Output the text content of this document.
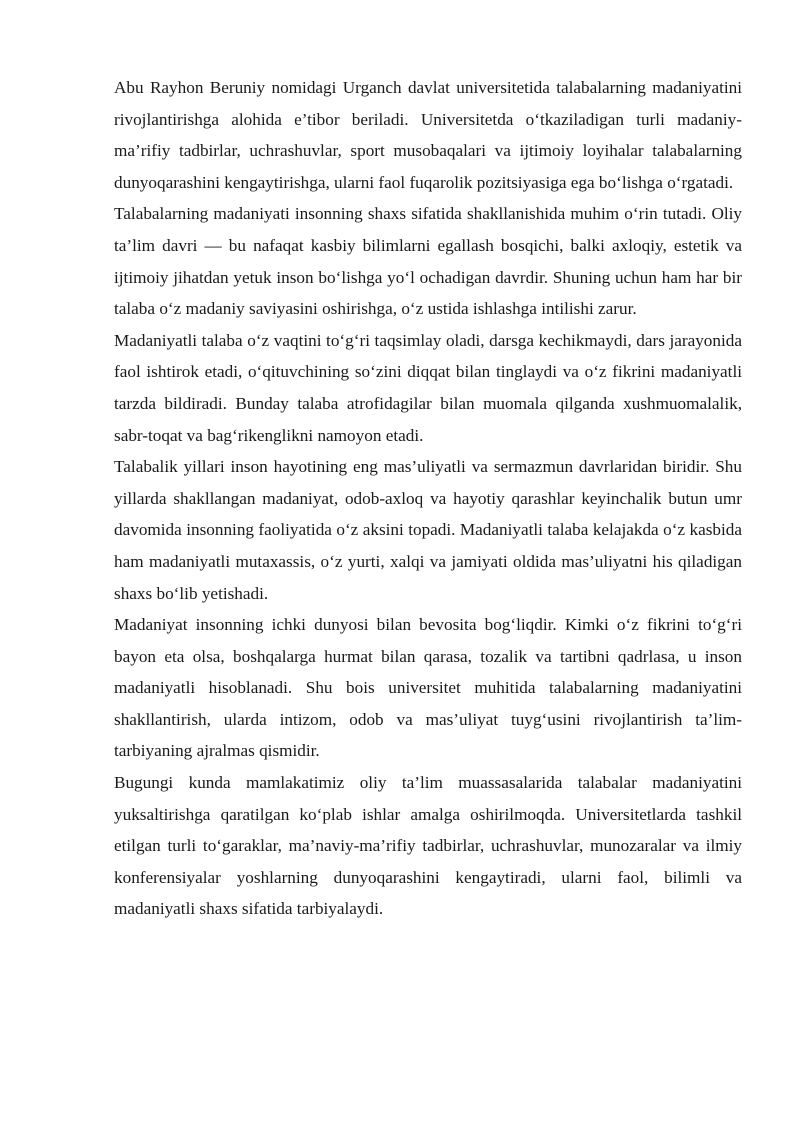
Abu Rayhon Beruniy nomidagi Urganch davlat universitetida talabalarning madaniyatini rivojlantirishga alohida e’tibor beriladi. Universitetda o‘tkaziladigan turli madaniy-ma’rifiy tadbirlar, uchrashuvlar, sport musobaqalari va ijtimoiy loyihalar talabalarning dunyoqarashini kengaytirishga, ularni faol fuqarolik pozitsiyasiga ega bo‘lishga o‘rgatadi.

Talabalarning madaniyati insonning shaxs sifatida shakllanishida muhim o‘rin tutadi. Oliy ta’lim davri — bu nafaqat kasbiy bilimlarni egallash bosqichi, balki axloqiy, estetik va ijtimoiy jihatdan yetuk inson bo‘lishga yo‘l ochadigan davrdir. Shuning uchun ham har bir talaba o‘z madaniy saviyasini oshirishga, o‘z ustida ishlashga intilishi zarur.

Madaniyatli talaba o‘z vaqtini to‘g‘ri taqsimlay oladi, darsga kechikmaydi, dars jarayonida faol ishtirok etadi, o‘qituvchining so‘zini diqqat bilan tinglaydi va o‘z fikrini madaniyatli tarzda bildiradi. Bunday talaba atrofidagilar bilan muomala qilganda xushmuomalalik, sabr-toqat va bag‘rikenglikni namoyon etadi.

Talabalik yillari inson hayotining eng mas’uliyatli va sermazmun davrlaridan biridir. Shu yillarda shakllangan madaniyat, odob-axloq va hayotiy qarashlar keyinchalik butun umr davomida insonning faoliyatida o‘z aksini topadi. Madaniyatli talaba kelajakda o‘z kasbida ham madaniyatli mutaxassis, o‘z yurti, xalqi va jamiyati oldida mas’uliyatni his qiladigan shaxs bo‘lib yetishadi.

Madaniyat insonning ichki dunyosi bilan bevosita bog‘liqdir. Kimki o‘z fikrini to‘g‘ri bayon eta olsa, boshqalarga hurmat bilan qarasa, tozalik va tartibni qadrlasa, u inson madaniyatli hisoblanadi. Shu bois universitet muhitida talabalarning madaniyatini shakllantirish, ularda intizom, odob va mas’uliyat tuyg‘usini rivojlantirish ta’lim-tarbiyaning ajralmas qismidir.

Bugungi kunda mamlakatimiz oliy ta’lim muassasalarida talabalar madaniyatini yuksaltirishga qaratilgan ko‘plab ishlar amalga oshirilmoqda. Universitetlarda tashkil etilgan turli to‘garaklar, ma’naviy-ma’rifiy tadbirlar, uchrashuvlar, munozaralar va ilmiy konferensiyalar yoshlarning dunyoqarashini kengaytiradi, ularni faol, bilimli va madaniyatli shaxs sifatida tarbiyalaydi.
